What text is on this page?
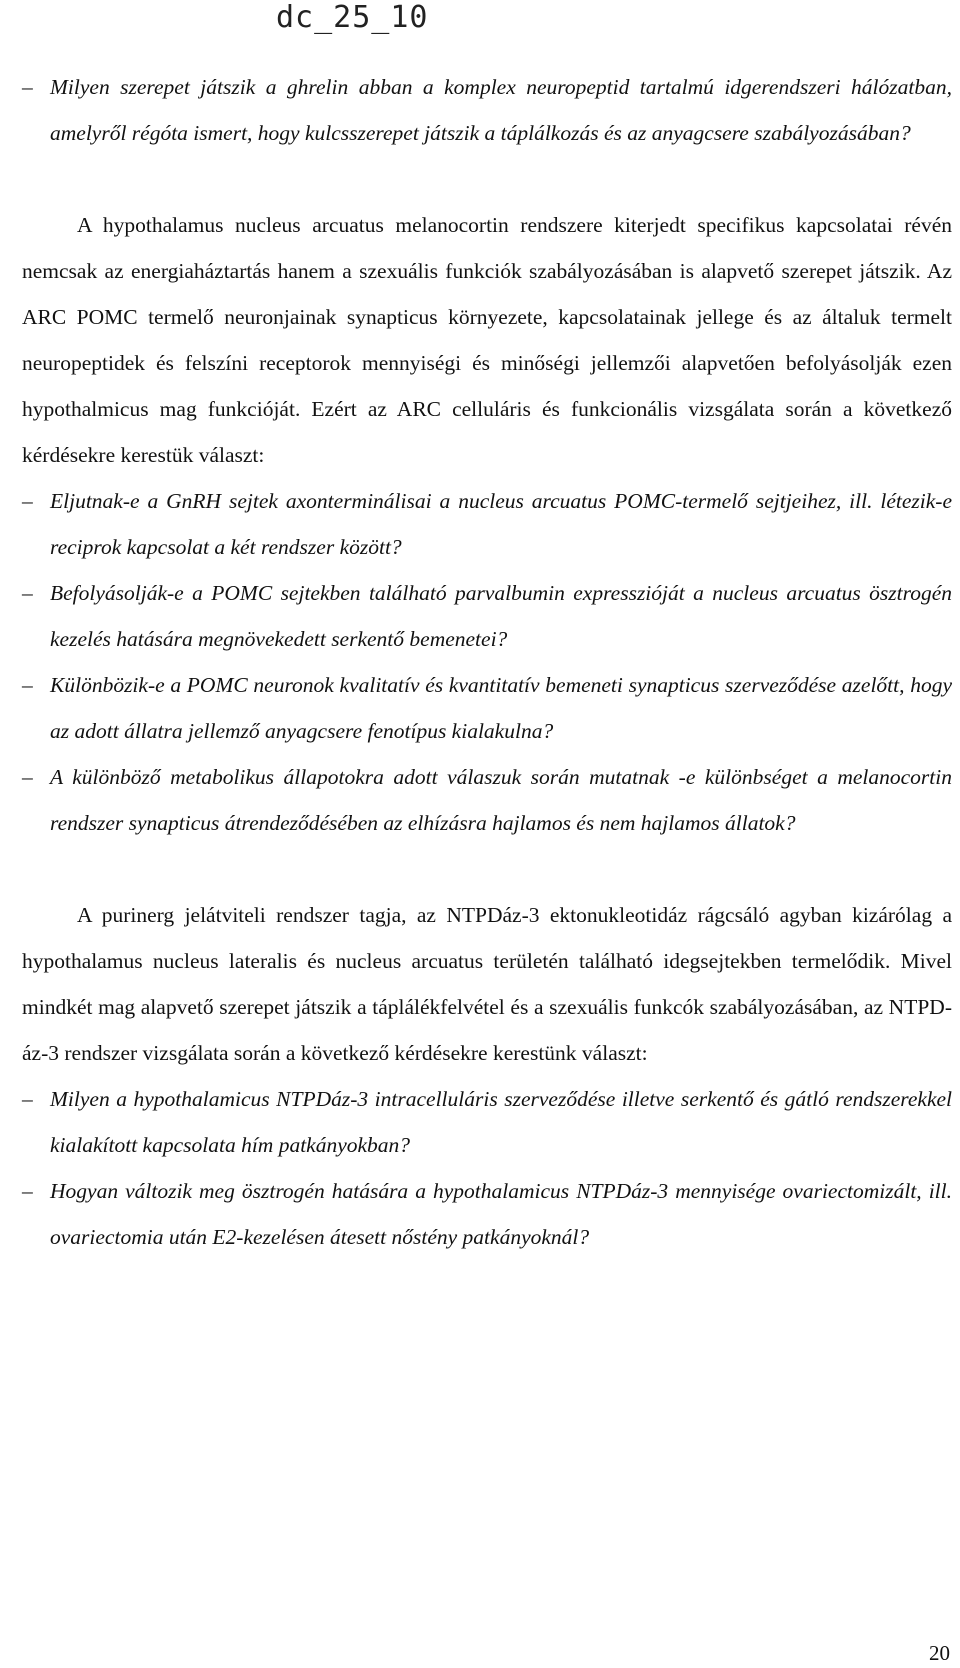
dc_25_10
– Milyen szerepet játszik a ghrelin abban a komplex neuropeptid tartalmú idgerendszeri hálózatban, amelyről régóta ismert, hogy kulcsszerepet játszik a táplálkozás és az anyagcsere szabályozásában?

A hypothalamus nucleus arcuatus melanocortin rendszere kiterjedt specifikus kapcsolatai révén nemcsak az energiaháztartás hanem a szexuális funkciók szabályozásában is alapvető szerepet játszik. Az ARC POMC termelő neuronjainak synapticus környezete, kapcsolatainak jellege és az általuk termelt neuropeptidek és felszíni receptorok mennyiségi és minőségi jellemzői alapvetően befolyásolják ezen hypothalmicus mag funkcióját. Ezért az ARC celluláris és funkcionális vizsgálata során a következő kérdésekre kerestük választ:

– Eljutnak-e a GnRH sejtek axonterminálisai a nucleus arcuatus POMC-termelő sejtjeihez, ill. létezik-e reciprok kapcsolat a két rendszer között?
– Befolyásolják-e a POMC sejtekben található parvalbumin expresszióját a nucleus arcuatus ösztrogén kezelés hatására megnövekedett serkentő bemenetei?
– Különbözik-e a POMC neuronok kvalitatív és kvantitatív bemeneti synapticus szerveződése azelőtt, hogy az adott állatra jellemző anyagcsere fenotípus kialakulna?
– A különböző metabolikus állapotokra adott válaszuk során mutatnak -e különbséget a melanocortin rendszer synapticus átrendeződésében az elhízásra hajlamos és nem hajlamos állatok?

A purinerg jelátviteli rendszer tagja, az NTPDáz-3 ektonukleotidáz rágcsáló agyban kizárólag a hypothalamus nucleus lateralis és nucleus arcuatus területén található idegsejtekben termelődik. Mivel mindkét mag alapvető szerepet játszik a táplálékfelvétel és a szexuális funkcók szabályozásában, az NTPD-áz-3 rendszer vizsgálata során a következő kérdésekre kerestünk választ:

– Milyen a hypothalamicus NTPDáz-3 intracelluláris szerveződése illetve serkentő és gátló rendszerekkel kialakított kapcsolata hím patkányokban?
– Hogyan változik meg ösztrogén hatására a hypothalamicus NTPDáz-3 mennyisége ovariectomizált, ill. ovariectomia után E2-kezelésen átesett nőstény patkányoknál?
20
